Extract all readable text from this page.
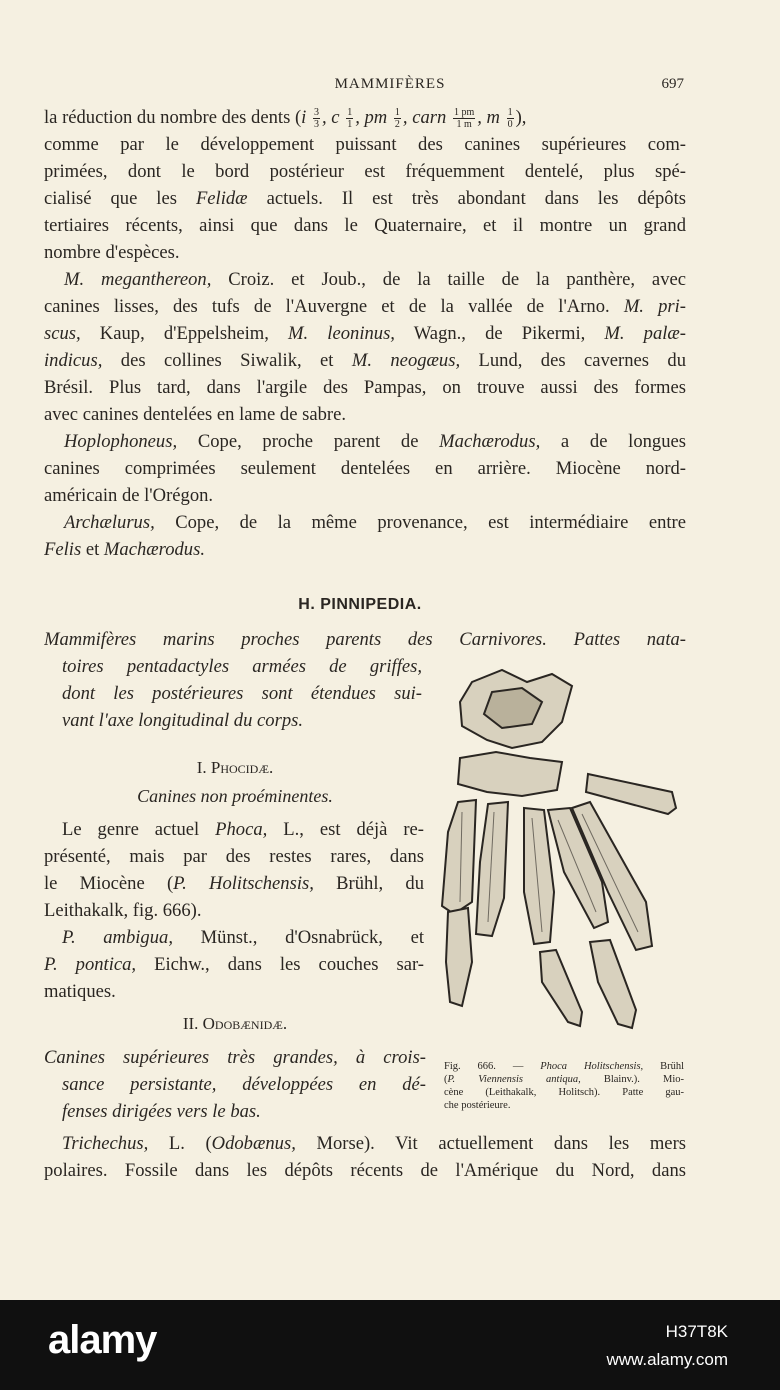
MAMMIFÈRES	697
la réduction du nombre des dents ($i \frac{3}{3}$ , c $\frac{1}{1}$ , pm $\frac{1}{2}$ , carn $\frac{1 pm}{1 m}$ , m $\frac{1}{0}$ ),
comme par le développement puissant des canines supérieures com-
primées, dont le bord postérieur est fréquemment dentelé, plus spé-
cialisé que les Felidæ actuels. Il est très abondant dans les dépôts
tertiaires récents, ainsi que dans le Quaternaire, et il montre un grand
nombre d'espèces.
M. meganthereon, Croiz. et Joub., de la taille de la panthère, avec
canines lisses, des tufs de l'Auvergne et de la vallée de l'Arno. M. pri-
scus, Kaup, d'Eppelsheim, M. leoninus, Wagn., de Pikermi, M. palæ-
indicus, des collines Siwalik, et M. neogæus, Lund, des cavernes du
Brésil. Plus tard, dans l'argile des Pampas, on trouve aussi des formes
avec canines dentelées en lame de sabre.
Hoplophoneus, Cope, proche parent de Machærodus, a de longues
canines comprimées seulement dentelées en arrière. Miocène nord-
américain de l'Orégon.
Archælurus, Cope, de la même provenance, est intermédiaire entre
Felis et Machærodus.
H. PINNIPEDIA.
Mammifères marins proches parents des Carnivores. Pattes nata-
toires pentadactyles armées de griffes,
dont les postérieures sont étendues sui-
vant l'axe longitudinal du corps.
I. Phocidæ.
Canines non proéminentes.
Le genre actuel Phoca, L., est déjà re-
présenté, mais par des restes rares, dans
le Miocène (P. Holitschensis, Brühl, du
Leithakalk, fig. 666).
P. ambigua, Münst., d'Osnabrück, et
P. pontica, Eichw., dans les couches sar-
matiques.
II. Odobænidæ.
Canines supérieures très grandes, à crois-
sance persistante, développées en dé-
fenses dirigées vers le bas.
Fig. 666. — Phoca Holitschensis, Brühl
(P. Viennensis antiqua, Blainv.). Mio-
cène (Leithakalk, Holitsch). Patte gau-
che postérieure.
Trichechus, L. (Odobænus, Morse). Vit actuellement dans les mers
polaires. Fossile dans les dépôts récents de l'Amérique du Nord, dans
alamy	H37T8K
www.alamy.com
